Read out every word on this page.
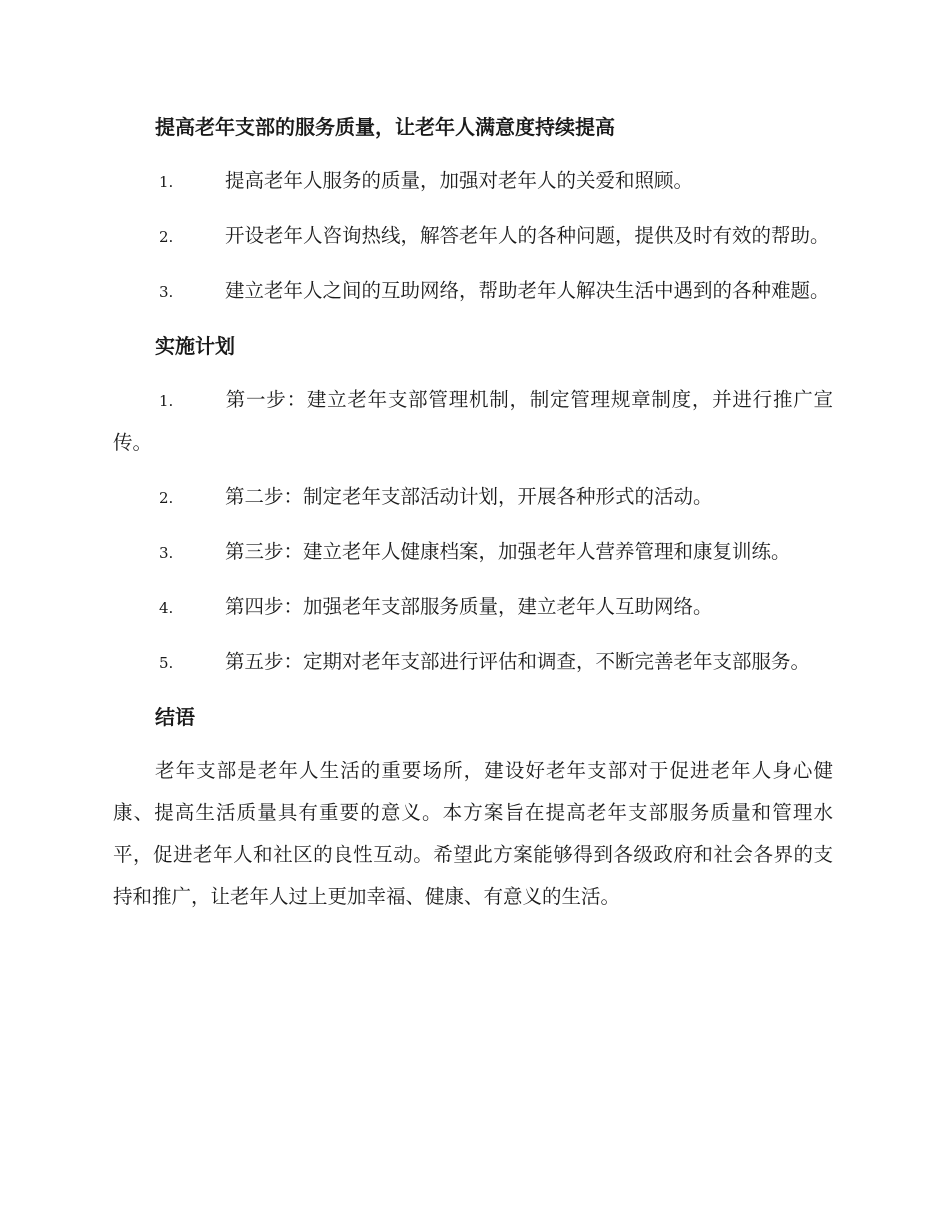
提高老年支部的服务质量，让老年人满意度持续提高
1.	提高老年人服务的质量，加强对老年人的关爱和照顾。
2.	开设老年人咨询热线，解答老年人的各种问题，提供及时有效的帮助。
3.	建立老年人之间的互助网络，帮助老年人解决生活中遇到的各种难题。
实施计划
1.	第一步：建立老年支部管理机制，制定管理规章制度，并进行推广宣传。
2.	第二步：制定老年支部活动计划，开展各种形式的活动。
3.	第三步：建立老年人健康档案，加强老年人营养管理和康复训练。
4.	第四步：加强老年支部服务质量，建立老年人互助网络。
5.	第五步：定期对老年支部进行评估和调查，不断完善老年支部服务。
结语

老年支部是老年人生活的重要场所，建设好老年支部对于促进老年人身心健康、提高生活质量具有重要的意义。本方案旨在提高老年支部服务质量和管理水平，促进老年人和社区的良性互动。希望此方案能够得到各级政府和社会各界的支持和推广，让老年人过上更加幸福、健康、有意义的生活。
